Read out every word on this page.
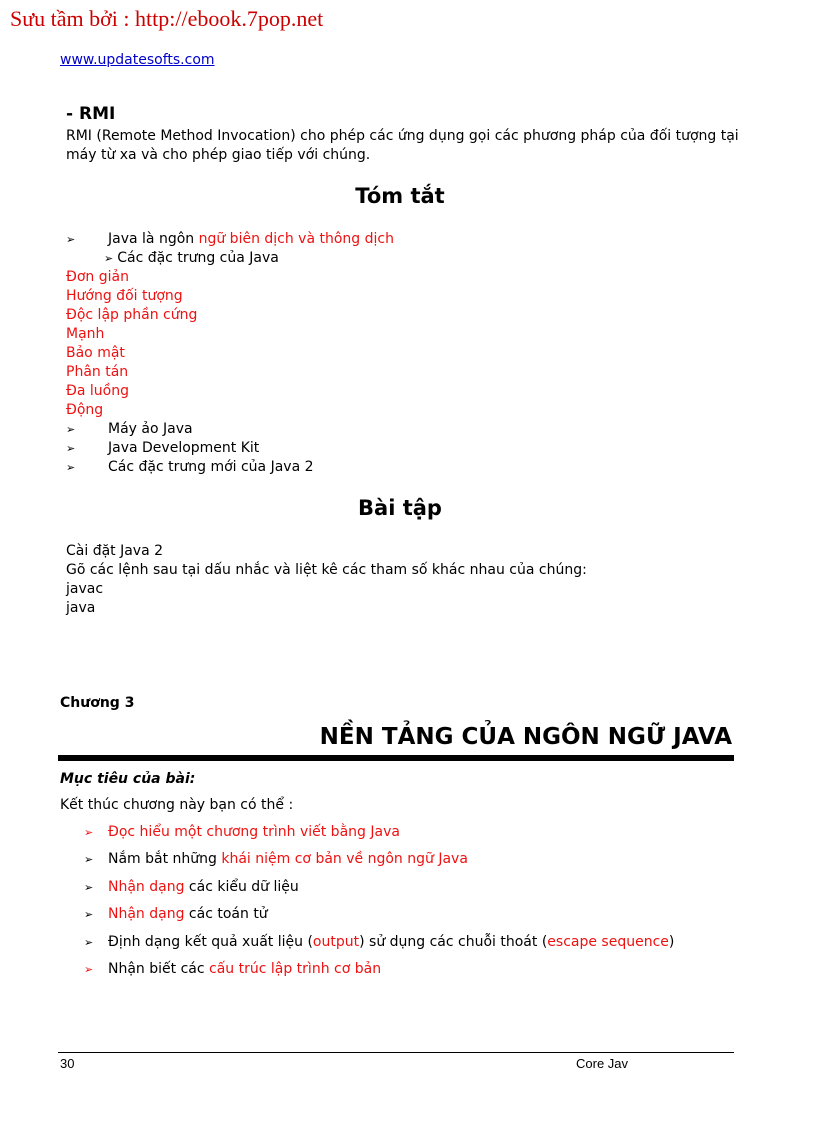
Sưu tầm bởi : http://ebook.7pop.net
www.updatesofts.com
- RMI
RMI (Remote Method Invocation) cho phép các ứng dụng gọi các phương pháp của đối tượng tại máy từ xa và cho phép giao tiếp với chúng.
Tóm tắt
➢ Java là ngôn ngữ biên dịch và thông dịch
➢ Các đặc trưng của Java
Đơn giản
Hướng đối tượng
Độc lập phần cứng
Mạnh
Bảo mật
Phân tán
Đa luồng
Động
➢ Máy ảo Java
➢ Java Development Kit
➢ Các đặc trưng mới của Java 2
Bài tập
Cài đặt Java 2
Gõ các lệnh sau tại dấu nhắc và liệt kê các tham số khác nhau của chúng:
javac
java
Chương 3
NỀN TẢNG CỦA NGÔN NGỮ JAVA
Mục tiêu của bài:
Kết thúc chương này bạn có thể :
➢ Đọc hiểu một chương trình viết bằng Java
➢ Nắm bắt những khái niệm cơ bản về ngôn ngữ Java
➢ Nhận dạng các kiểu dữ liệu
➢ Nhận dạng các toán tử
➢ Định dạng kết quả xuất liệu (output) sử dụng các chuỗi thoát (escape sequence)
➢ Nhận biết các cấu trúc lập trình cơ bản
30	Core Jav
